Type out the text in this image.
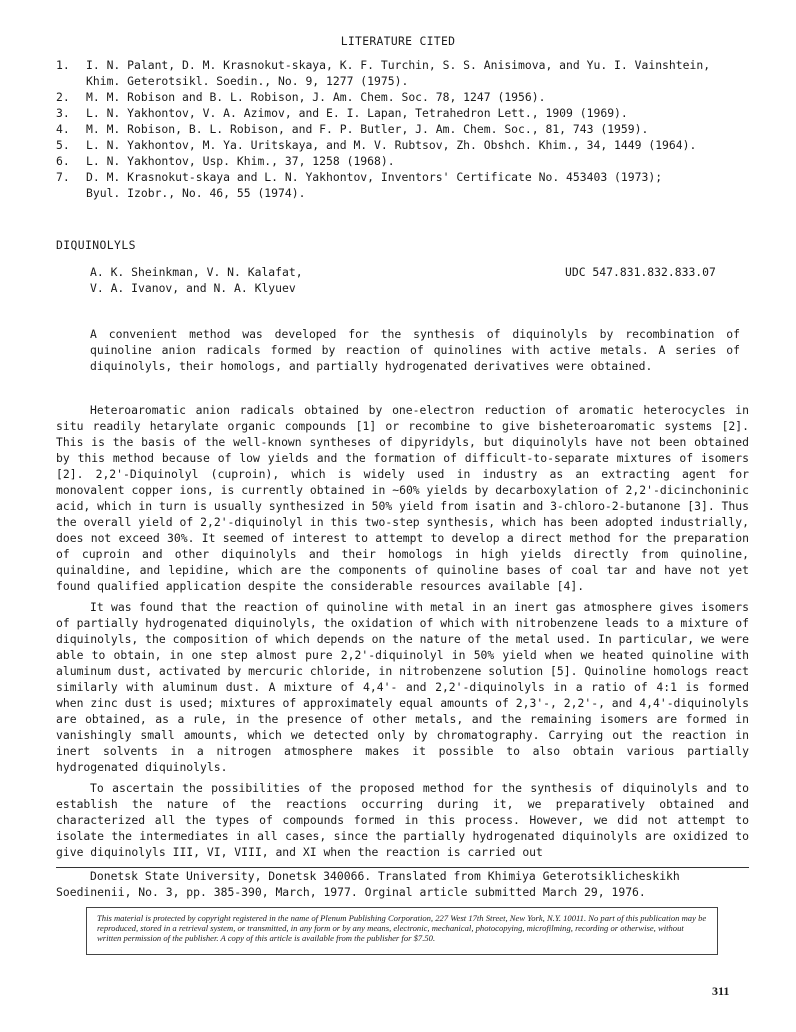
LITERATURE CITED
1.	I. N. Palant, D. M. Krasnokut-skaya, K. F. Turchin, S. S. Anisimova, and Yu. I. Vainshtein,
Khim. Geterotsikl. Soedin., No. 9, 1277 (1975).
2.	M. M. Robison and B. L. Robison, J. Am. Chem. Soc. 78, 1247 (1956).
3.	L. N. Yakhontov, V. A. Azimov, and E. I. Lapan, Tetrahedron Lett., 1909 (1969).
4.	M. M. Robison, B. L. Robison, and F. P. Butler, J. Am. Chem. Soc., 81, 743 (1959).
5.	L. N. Yakhontov, M. Ya. Uritskaya, and M. V. Rubtsov, Zh. Obshch. Khim., 34, 1449 (1964).
6.	L. N. Yakhontov, Usp. Khim., 37, 1258 (1968).
7.	D. M. Krasnokut-skaya and L. N. Yakhontov, Inventors' Certificate No. 453403 (1973);
Byul. Izobr., No. 46, 55 (1974).
DIQUINOLYLS
A. K. Sheinkman, V. N. Kalafat,
V. A. Ivanov, and N. A. Klyuev
UDC 547.831.832.833.07

A convenient method was developed for the synthesis of diquinolyls by recombination of quinoline anion radicals formed by reaction of quinolines with active metals. A series of diquinolyls, their homologs, and partially hydrogenated derivatives were obtained.

Heteroaromatic anion radicals obtained by one-electron reduction of aromatic heterocycles in situ readily hetarylate organic compounds [1] or recombine to give bisheteroaromatic systems [2]. This is the basis of the well-known syntheses of dipyridyls, but diquinolyls have not been obtained by this method because of low yields and the formation of difficult-to-separate mixtures of isomers [2]. 2,2'-Diquinolyl (cuproin), which is widely used in industry as an extracting agent for monovalent copper ions, is currently obtained in ~60% yields by decarboxylation of 2,2'-dicinchoninic acid, which in turn is usually synthesized in 50% yield from isatin and 3-chloro-2-butanone [3]. Thus the overall yield of 2,2'-diquinolyl in this two-step synthesis, which has been adopted industrially, does not exceed 30%. It seemed of interest to attempt to develop a direct method for the preparation of cuproin and other diquinolyls and their homologs in high yields directly from quinoline, quinaldine, and lepidine, which are the components of quinoline bases of coal tar and have not yet found qualified application despite the considerable resources available [4].

It was found that the reaction of quinoline with metal in an inert gas atmosphere gives isomers of partially hydrogenated diquinolyls, the oxidation of which with nitrobenzene leads to a mixture of diquinolyls, the composition of which depends on the nature of the metal used. In particular, we were able to obtain, in one step almost pure 2,2'-diquinolyl in 50% yield when we heated quinoline with aluminum dust, activated by mercuric chloride, in nitrobenzene solution [5]. Quinoline homologs react similarly with aluminum dust. A mixture of 4,4'- and 2,2'-diquinolyls in a ratio of 4:1 is formed when zinc dust is used; mixtures of approximately equal amounts of 2,3'-, 2,2'-, and 4,4'-diquinolyls are obtained, as a rule, in the presence of other metals, and the remaining isomers are formed in vanishingly small amounts, which we detected only by chromatography. Carrying out the reaction in inert solvents in a nitrogen atmosphere makes it possible to also obtain various partially hydrogenated diquinolyls.

To ascertain the possibilities of the proposed method for the synthesis of diquinolyls and to establish the nature of the reactions occurring during it, we preparatively obtained and characterized all the types of compounds formed in this process. However, we did not attempt to isolate the intermediates in all cases, since the partially hydrogenated diquinolyls are oxidized to give diquinolyls III, VI, VIII, and XI when the reaction is carried out

Donetsk State University, Donetsk 340066. Translated from Khimiya Geterotsiklicheskikh Soedinenii, No. 3, pp. 385-390, March, 1977. Orginal article submitted March 29, 1976.

This material is protected by copyright registered in the name of Plenum Publishing Corporation, 227 West 17th Street, New York, N.Y. 10011. No part of this publication may be reproduced, stored in a retrieval system, or transmitted, in any form or by any means, electronic, mechanical, photocopying, microfilming, recording or otherwise, without written permission of the publisher. A copy of this article is available from the publisher for $7.50.
311
